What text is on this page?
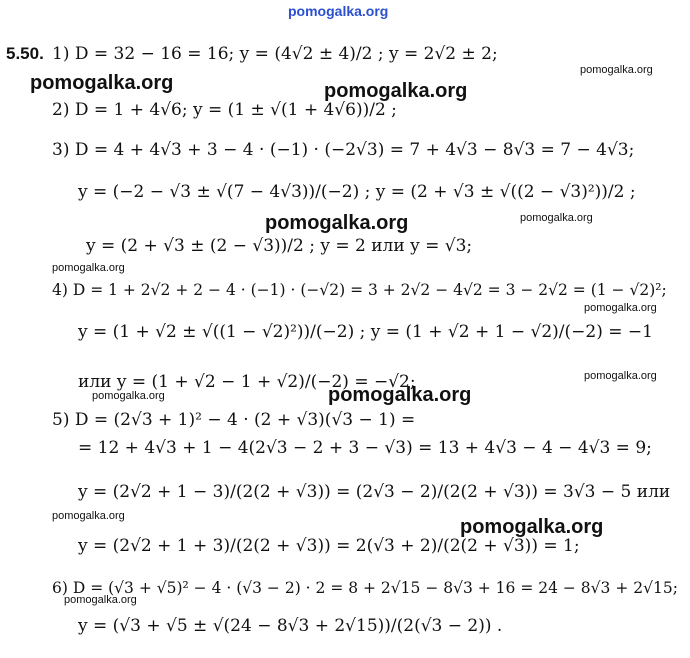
pomogalka.org
5.50. 1) D = 32 − 16 = 16; y = (4√2 ± 4)/2 ; y = 2√2 ± 2;
pomogalka.org
pomogalka.org	pomogalka.org
2) D = 1 + 4√6; y = (1 ± √(1 + 4√6))/2 ;
3) D = 4 + 4√3 + 3 − 4 · (−1) · (−2√3) = 7 + 4√3 − 8√3 = 7 − 4√3;
y = (−2 − √3 ± √(7 − 4√3))/(−2) ; y = (2 + √3 ± √((2 − √3)²))/2 ;
pomogalka.org	pomogalka.org
y = (2 + √3 ± (2 − √3))/2 ; y = 2 или y = √3;
pomogalka.org
4) D = 1 + 2√2 + 2 − 4 · (−1) · (−√2) = 3 + 2√2 − 4√2 = 3 − 2√2 = (1 − √2)²;
pomogalka.org
y = (1 + √2 ± √((1 − √2)²))/(−2) ; y = (1 + √2 + 1 − √2)/(−2) = −1
pomogalka.org
или y = (1 + √2 − 1 + √2)/(−2) = −√2;
pomogalka.org	pomogalka.org
5) D = (2√3 + 1)² − 4 · (2 + √3)(√3 − 1) =
= 12 + 4√3 + 1 − 4(2√3 − 2 + 3 − √3) = 13 + 4√3 − 4 − 4√3 = 9;
y = (2√2 + 1 − 3)/(2(2 + √3)) = (2√3 − 2)/(2(2 + √3)) = 3√3 − 5 или
pomogalka.org	pomogalka.org
y = (2√2 + 1 + 3)/(2(2 + √3)) = 2(√3 + 2)/(2(2 + √3)) = 1;
6) D = (√3 + √5)² − 4 · (√3 − 2) · 2 = 8 + 2√15 − 8√3 + 16 = 24 − 8√3 + 2√15;
pomogalka.org
y = (√3 + √5 ± √(24 − 8√3 + 2√15))/(2(√3 − 2)) .
